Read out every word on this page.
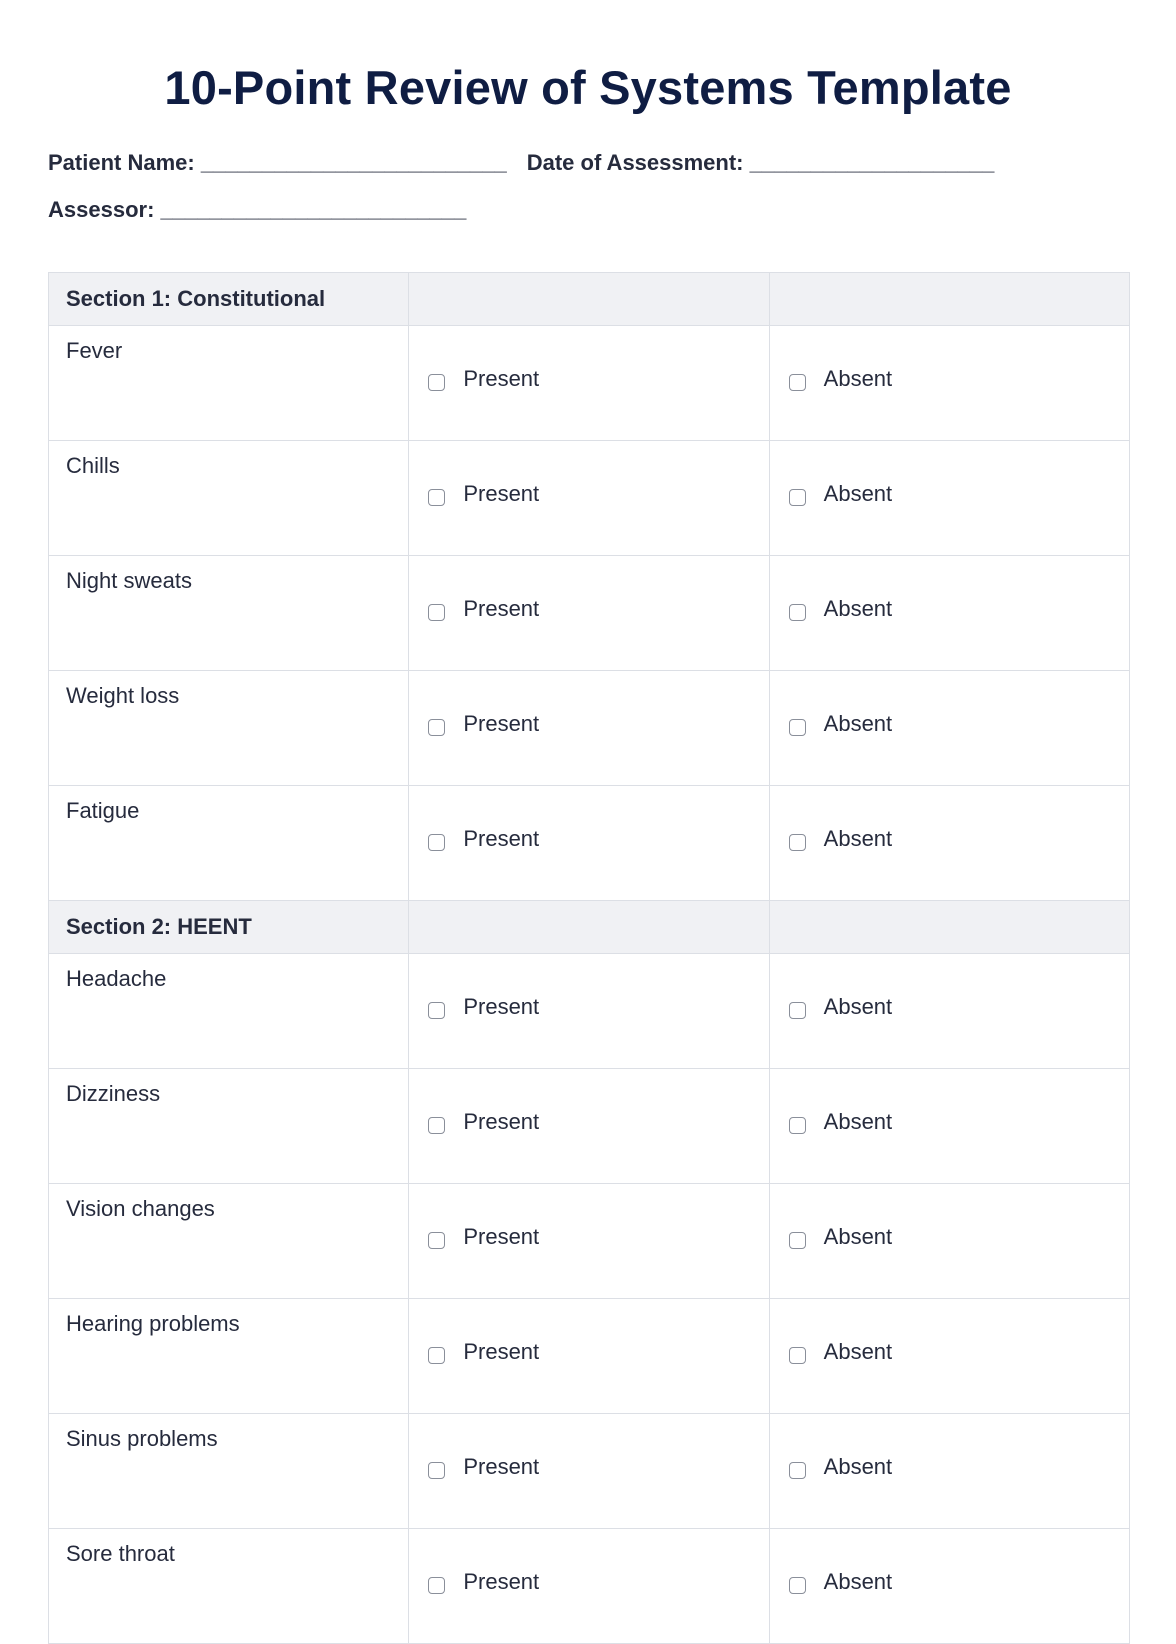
10-Point Review of Systems Template
Patient Name: _________________________ Date of Assessment: ____________________
Assessor: _________________________
Section 1: Constitutional		
Fever	Present	Absent

Chills	Present	Absent

Night sweats	Present	Absent

Weight loss	Present	Absent

Fatigue	Present	Absent

Section 2: HEENT		
Headache	Present	Absent

Dizziness	Present	Absent

Vision changes	Present	Absent

Hearing problems	Present	Absent

Sinus problems	Present	Absent

Sore throat	Present	Absent
